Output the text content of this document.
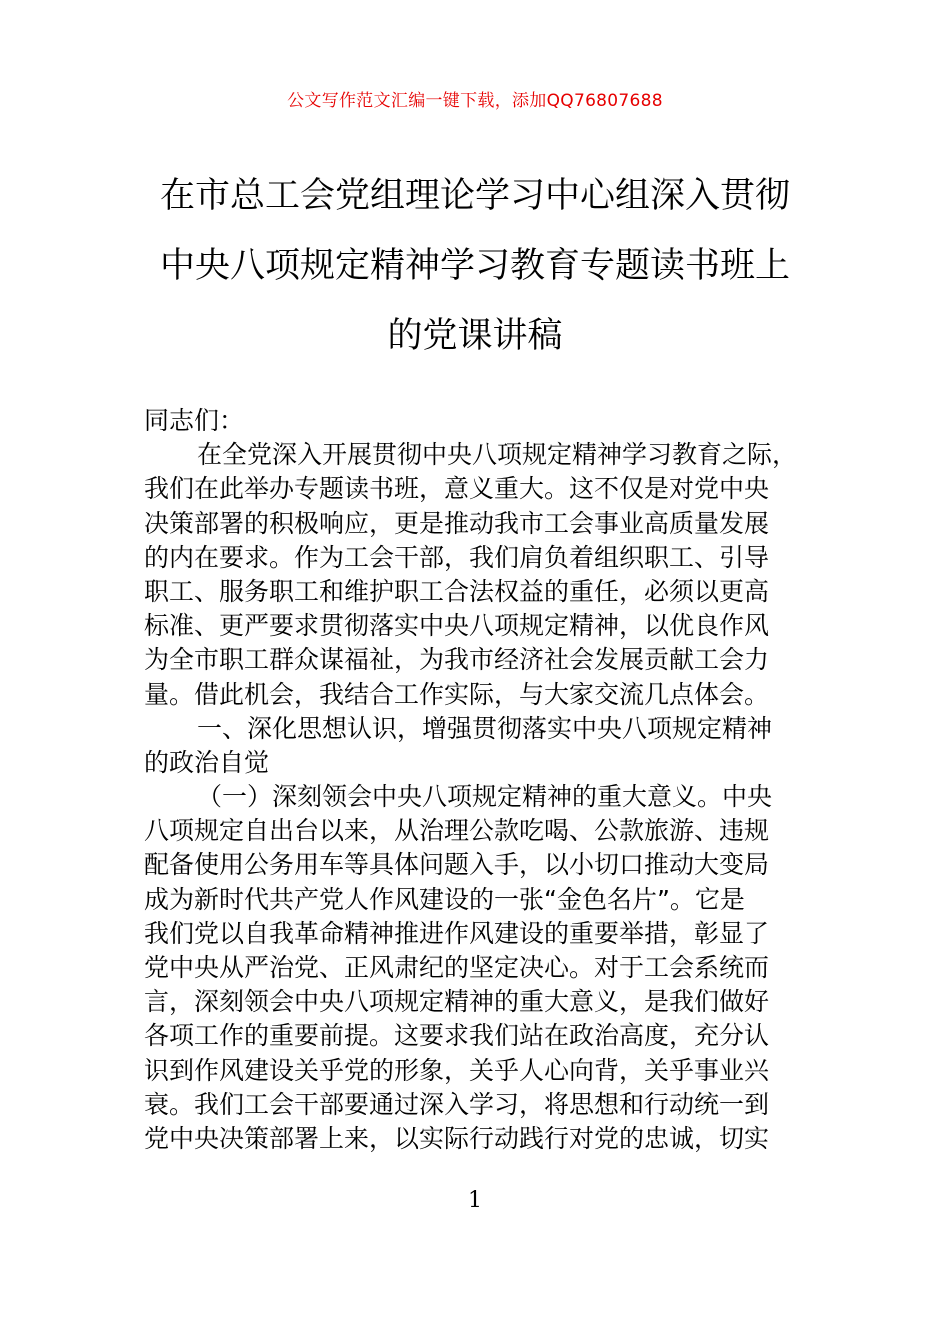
公文写作范文汇编一键下载，添加QQ76807688
在市总工会党组理论学习中心组深入贯彻
中央八项规定精神学习教育专题读书班上
的党课讲稿
同志们：
在全党深入开展贯彻中央八项规定精神学习教育之际，
我们在此举办专题读书班，意义重大。这不仅是对党中央
决策部署的积极响应，更是推动我市工会事业高质量发展
的内在要求。作为工会干部，我们肩负着组织职工、引导
职工、服务职工和维护职工合法权益的重任，必须以更高
标准、更严要求贯彻落实中央八项规定精神，以优良作风
为全市职工群众谋福祉，为我市经济社会发展贡献工会力
量。借此机会，我结合工作实际，与大家交流几点体会。
一、深化思想认识，增强贯彻落实中央八项规定精神
的政治自觉
（一）深刻领会中央八项规定精神的重大意义。中央
八项规定自出台以来，从治理公款吃喝、公款旅游、违规
配备使用公务用车等具体问题入手，以小切口推动大变局
成为新时代共产党人作风建设的一张“金色名片”。它是
我们党以自我革命精神推进作风建设的重要举措，彰显了
党中央从严治党、正风肃纪的坚定决心。对于工会系统而
言，深刻领会中央八项规定精神的重大意义，是我们做好
各项工作的重要前提。这要求我们站在政治高度，充分认
识到作风建设关乎党的形象，关乎人心向背，关乎事业兴
衰。我们工会干部要通过深入学习，将思想和行动统一到
党中央决策部署上来，以实际行动践行对党的忠诚，切实
1
